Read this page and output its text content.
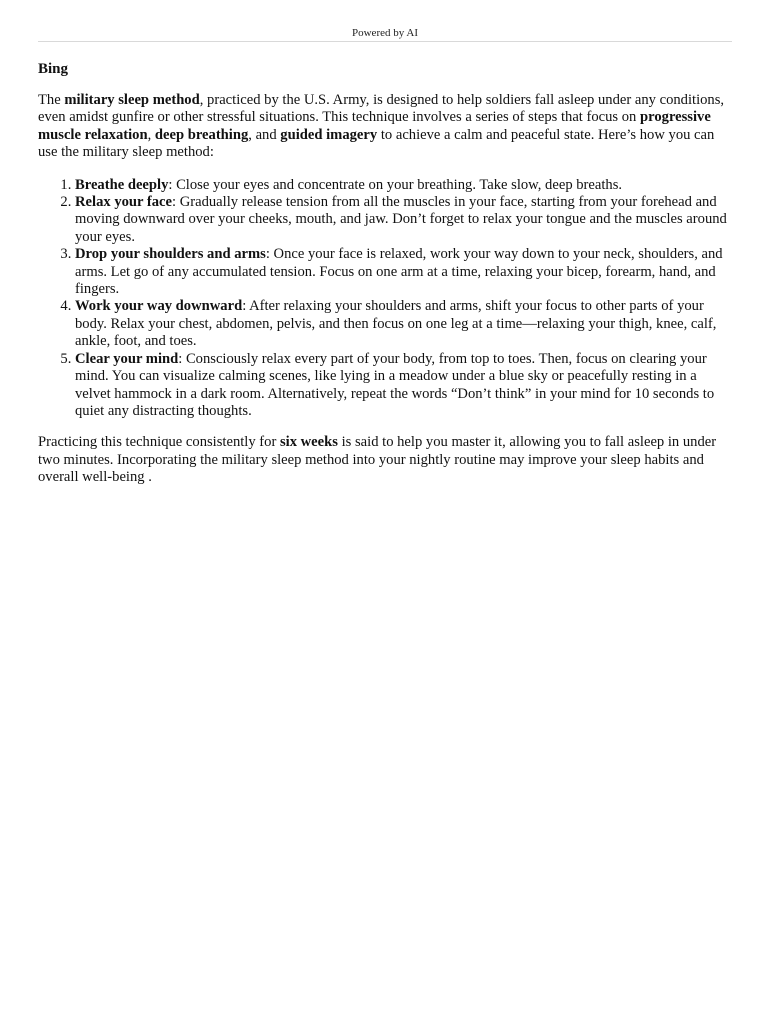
Powered by AI
Bing

The military sleep method, practiced by the U.S. Army, is designed to help soldiers fall asleep under any conditions, even amidst gunfire or other stressful situations. This technique involves a series of steps that focus on progressive muscle relaxation, deep breathing, and guided imagery to achieve a calm and peaceful state. Here’s how you can use the military sleep method:

1. Breathe deeply: Close your eyes and concentrate on your breathing. Take slow, deep breaths.
2. Relax your face: Gradually release tension from all the muscles in your face, starting from your forehead and moving downward over your cheeks, mouth, and jaw. Don’t forget to relax your tongue and the muscles around your eyes.
3. Drop your shoulders and arms: Once your face is relaxed, work your way down to your neck, shoulders, and arms. Let go of any accumulated tension. Focus on one arm at a time, relaxing your bicep, forearm, hand, and fingers.
4. Work your way downward: After relaxing your shoulders and arms, shift your focus to other parts of your body. Relax your chest, abdomen, pelvis, and then focus on one leg at a time—relaxing your thigh, knee, calf, ankle, foot, and toes.
5. Clear your mind: Consciously relax every part of your body, from top to toes. Then, focus on clearing your mind. You can visualize calming scenes, like lying in a meadow under a blue sky or peacefully resting in a velvet hammock in a dark room. Alternatively, repeat the words “Don’t think” in your mind for 10 seconds to quiet any distracting thoughts.

Practicing this technique consistently for six weeks is said to help you master it, allowing you to fall asleep in under two minutes. Incorporating the military sleep method into your nightly routine may improve your sleep habits and overall well-being .
